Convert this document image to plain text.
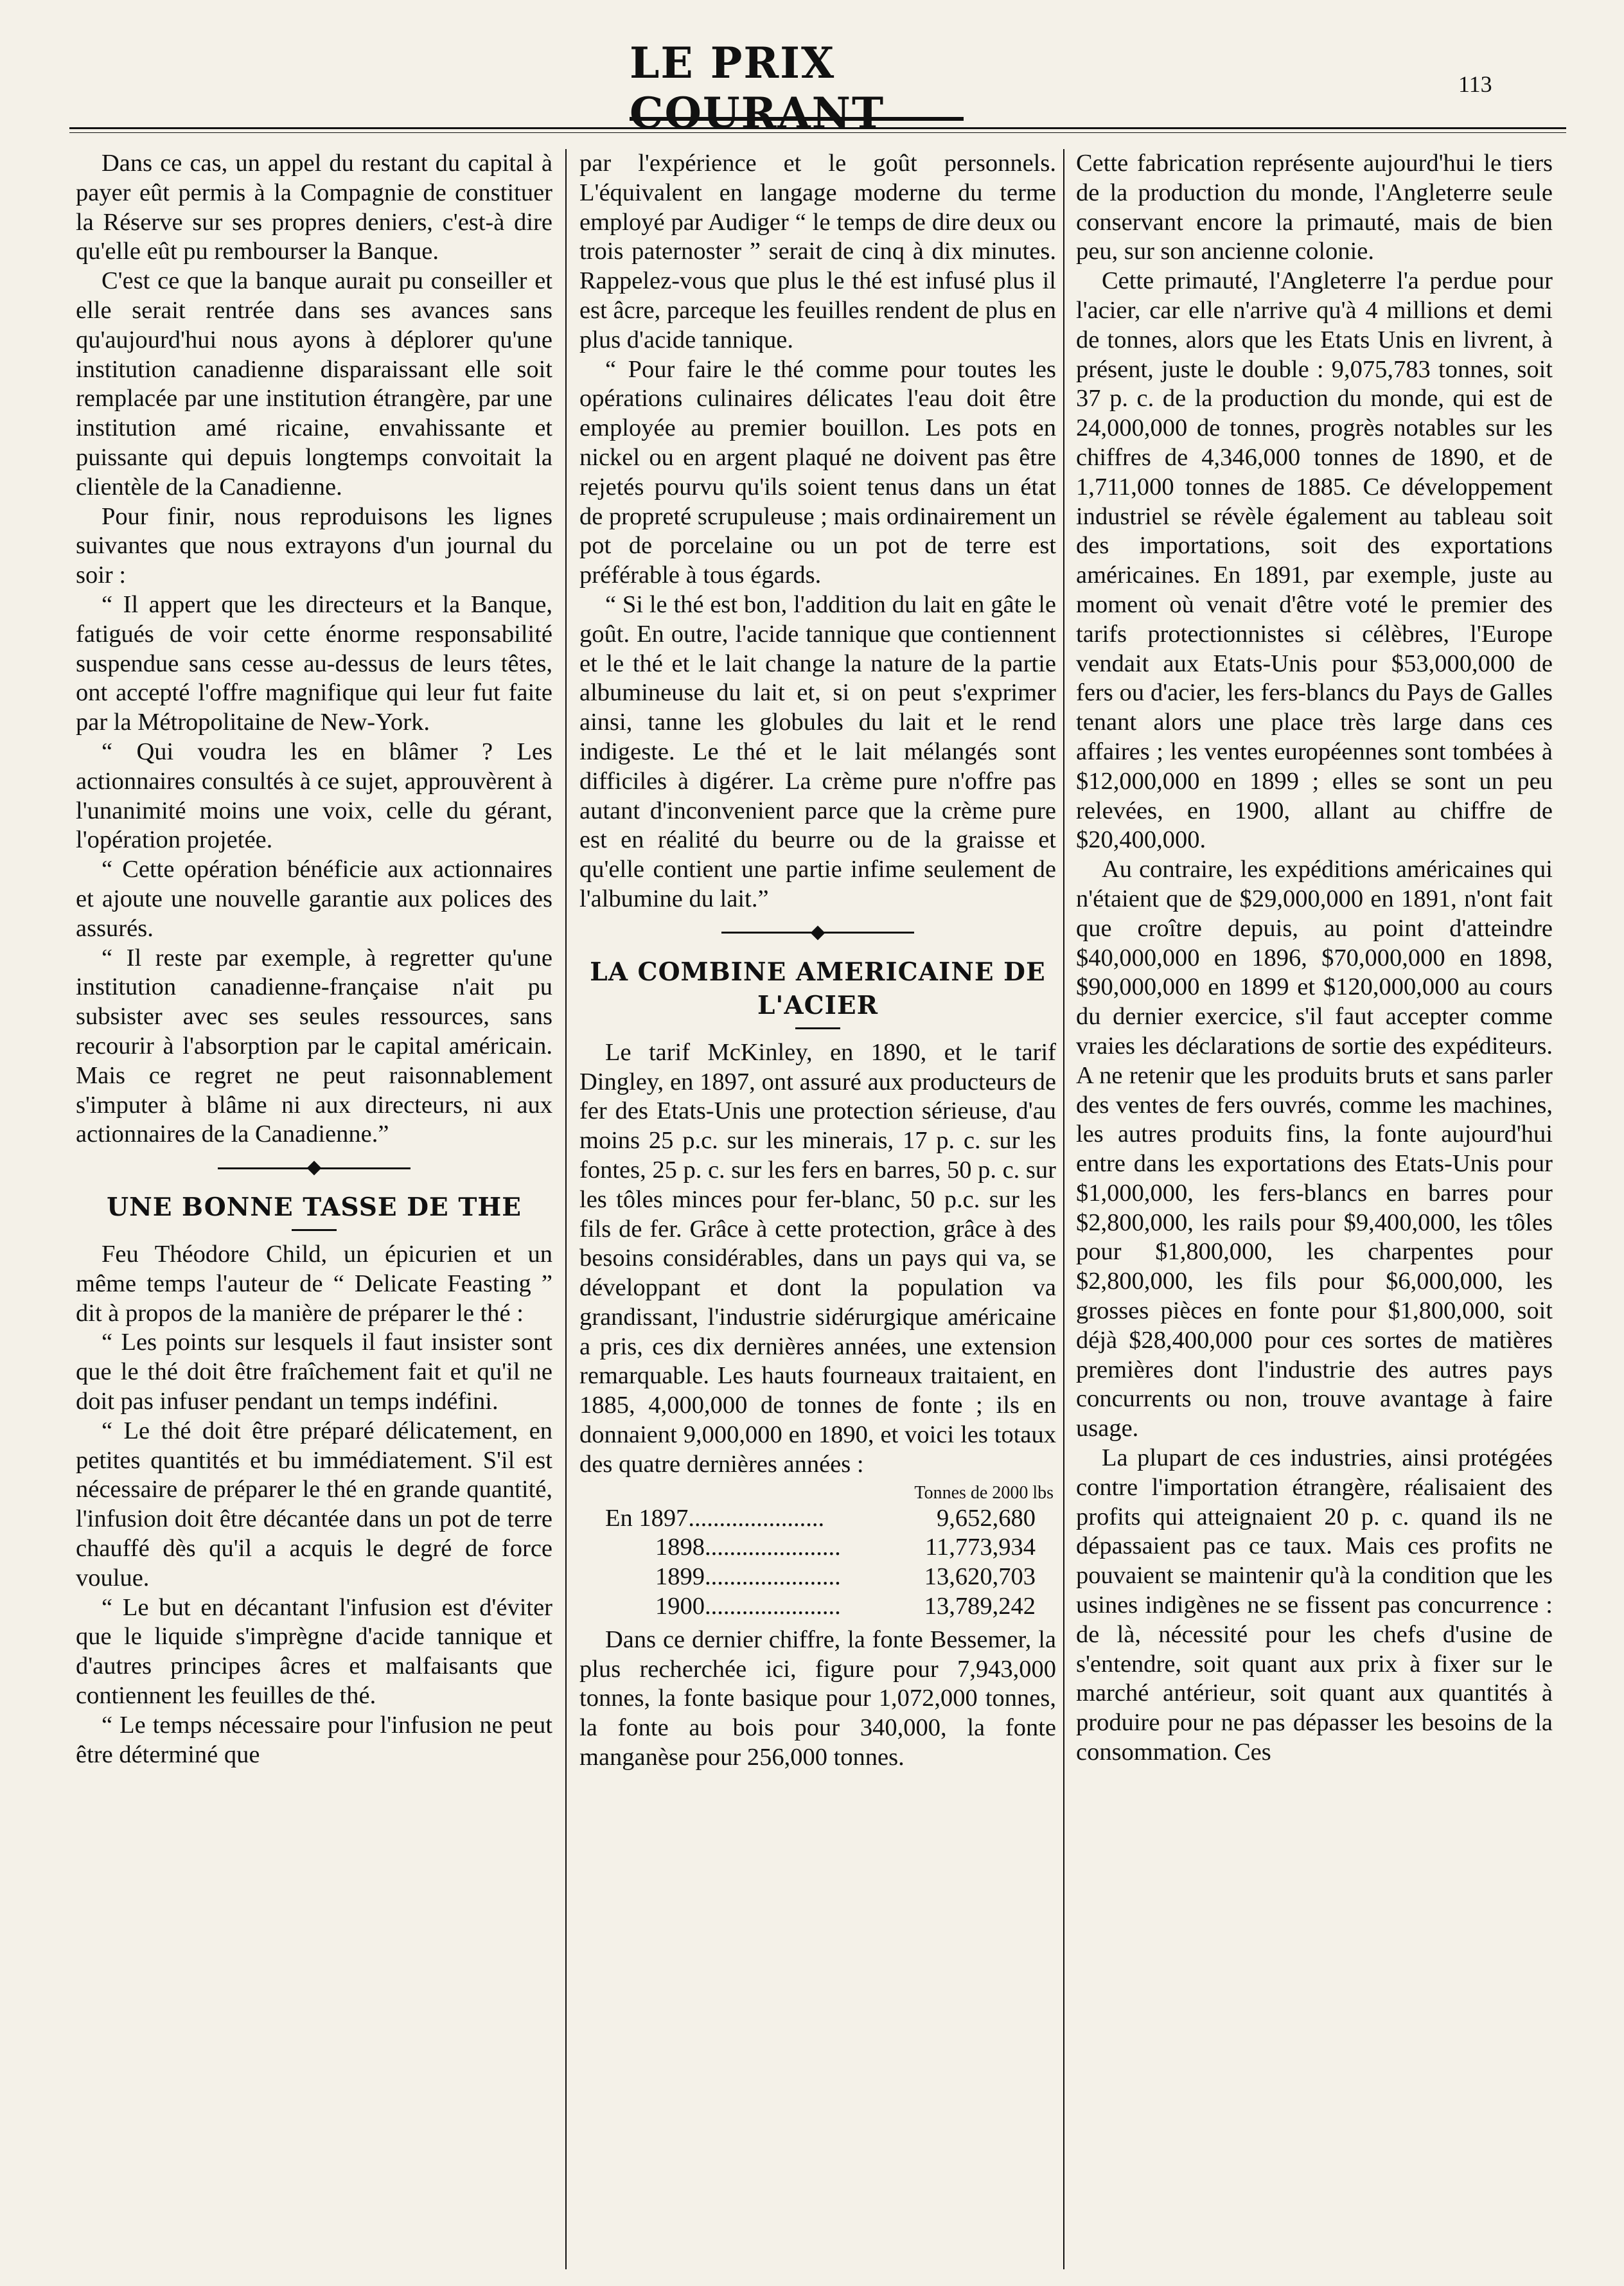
LE PRIX COURANT
113

Dans ce cas, un appel du restant du capital à payer eût permis à la Compagnie de constituer la Réserve sur ses propres deniers, c'est-à dire qu'elle eût pu rembourser la Banque.

C'est ce que la banque aurait pu conseiller et elle serait rentrée dans ses avances sans qu'aujourd'hui nous ayons à déplorer qu'une institution canadienne disparaissant elle soit remplacée par une institution étrangère, par une institution amé ricaine, envahissante et puissante qui depuis longtemps convoitait la clientèle de la Canadienne.

Pour finir, nous reproduisons les lignes suivantes que nous extrayons d'un journal du soir :

“ Il appert que les directeurs et la Banque, fatigués de voir cette énorme responsabilité suspendue sans cesse au-dessus de leurs têtes, ont accepté l'offre magnifique qui leur fut faite par la Métropolitaine de New-York.

“ Qui voudra les en blâmer ? Les actionnaires consultés à ce sujet, approuvèrent à l'unanimité moins une voix, celle du gérant, l'opération projetée.

“ Cette opération bénéficie aux actionnaires et ajoute une nouvelle garantie aux polices des assurés.

“ Il reste par exemple, à regretter qu'une institution canadienne-française n'ait pu subsister avec ses seules ressources, sans recourir à l'absorption par le capital américain. Mais ce regret ne peut raisonnablement s'imputer à blâme ni aux directeurs, ni aux actionnaires de la Canadienne.”

UNE BONNE TASSE DE THE

Feu Théodore Child, un épicurien et un même temps l'auteur de “ Delicate Feasting ” dit à propos de la manière de préparer le thé :

“ Les points sur lesquels il faut insister sont que le thé doit être fraîchement fait et qu'il ne doit pas infuser pendant un temps indéfini.

“ Le thé doit être préparé délicatement, en petites quantités et bu immédiatement. S'il est nécessaire de préparer le thé en grande quantité, l'infusion doit être décantée dans un pot de terre chauffé dès qu'il a acquis le degré de force voulue.

“ Le but en décantant l'infusion est d'éviter que le liquide s'imprègne d'acide tannique et d'autres principes âcres et malfaisants que contiennent les feuilles de thé.

“ Le temps nécessaire pour l'infusion ne peut être déterminé que

par l'expérience et le goût personnels. L'équivalent en langage moderne du terme employé par Audiger “ le temps de dire deux ou trois paternoster ” serait de cinq à dix minutes. Rappelez-vous que plus le thé est infusé plus il est âcre, parceque les feuilles rendent de plus en plus d'acide tannique.

“ Pour faire le thé comme pour toutes les opérations culinaires délicates l'eau doit être employée au premier bouillon. Les pots en nickel ou en argent plaqué ne doivent pas être rejetés pourvu qu'ils soient tenus dans un état de propreté scrupuleuse ; mais ordinairement un pot de porcelaine ou un pot de terre est préférable à tous égards.

“ Si le thé est bon, l'addition du lait en gâte le goût. En outre, l'acide tannique que contiennent et le thé et le lait change la nature de la partie albumineuse du lait et, si on peut s'exprimer ainsi, tanne les globules du lait et le rend indigeste. Le thé et le lait mélangés sont difficiles à digérer. La crème pure n'offre pas autant d'inconvenient parce que la crème pure est en réalité du beurre ou de la graisse et qu'elle contient une partie infime seulement de l'albumine du lait.”

LA COMBINE AMERICAINE DE L'ACIER

Le tarif McKinley, en 1890, et le tarif Dingley, en 1897, ont assuré aux producteurs de fer des Etats-Unis une protection sérieuse, d'au moins 25 p.c. sur les minerais, 17 p. c. sur les fontes, 25 p. c. sur les fers en barres, 50 p. c. sur les tôles minces pour fer-blanc, 50 p.c. sur les fils de fer. Grâce à cette protection, grâce à des besoins considérables, dans un pays qui va, se développant et dont la population va grandissant, l'industrie sidérurgique américaine a pris, ces dix dernières années, une extension remarquable. Les hauts fourneaux traitaient, en 1885, 4,000,000 de tonnes de fonte ; ils en donnaient 9,000,000 en 1890, et voici les totaux des quatre dernières années :

Tonnes de 2000 lbs
En 1897......................	9,652,680
1898......................	11,773,934
1899......................	13,620,703
1900......................	13,789,242

Dans ce dernier chiffre, la fonte Bessemer, la plus recherchée ici, figure pour 7,943,000 tonnes, la fonte basique pour 1,072,000 tonnes, la fonte au bois pour 340,000, la fonte manganèse pour 256,000 tonnes.

Cette fabrication représente aujourd'hui le tiers de la production du monde, l'Angleterre seule conservant encore la primauté, mais de bien peu, sur son ancienne colonie.

Cette primauté, l'Angleterre l'a perdue pour l'acier, car elle n'arrive qu'à 4 millions et demi de tonnes, alors que les Etats Unis en livrent, à présent, juste le double : 9,075,783 tonnes, soit 37 p. c. de la production du monde, qui est de 24,000,000 de tonnes, progrès notables sur les chiffres de 4,346,000 tonnes de 1890, et de 1,711,000 tonnes de 1885. Ce développement industriel se révèle également au tableau soit des importations, soit des exportations américaines. En 1891, par exemple, juste au moment où venait d'être voté le premier des tarifs protectionnistes si célèbres, l'Europe vendait aux Etats-Unis pour $53,000,000 de fers ou d'acier, les fers-blancs du Pays de Galles tenant alors une place très large dans ces affaires ; les ventes européennes sont tombées à $12,000,000 en 1899 ; elles se sont un peu relevées, en 1900, allant au chiffre de $20,400,000.

Au contraire, les expéditions américaines qui n'étaient que de $29,000,000 en 1891, n'ont fait que croître depuis, au point d'atteindre $40,000,000 en 1896, $70,000,000 en 1898, $90,000,000 en 1899 et $120,000,000 au cours du dernier exercice, s'il faut accepter comme vraies les déclarations de sortie des expéditeurs. A ne retenir que les produits bruts et sans parler des ventes de fers ouvrés, comme les machines, les autres produits fins, la fonte aujourd'hui entre dans les exportations des Etats-Unis pour $1,000,000, les fers-blancs en barres pour $2,800,000, les rails pour $9,400,000, les tôles pour $1,800,000, les charpentes pour $2,800,000, les fils pour $6,000,000, les grosses pièces en fonte pour $1,800,000, soit déjà $28,400,000 pour ces sortes de matières premières dont l'industrie des autres pays concurrents ou non, trouve avantage à faire usage.

La plupart de ces industries, ainsi protégées contre l'importation étrangère, réalisaient des profits qui atteignaient 20 p. c. quand ils ne dépassaient pas ce taux. Mais ces profits ne pouvaient se maintenir qu'à la condition que les usines indigènes ne se fissent pas concurrence : de là, nécessité pour les chefs d'usine de s'entendre, soit quant aux prix à fixer sur le marché antérieur, soit quant aux quantités à produire pour ne pas dépasser les besoins de la consommation. Ces
